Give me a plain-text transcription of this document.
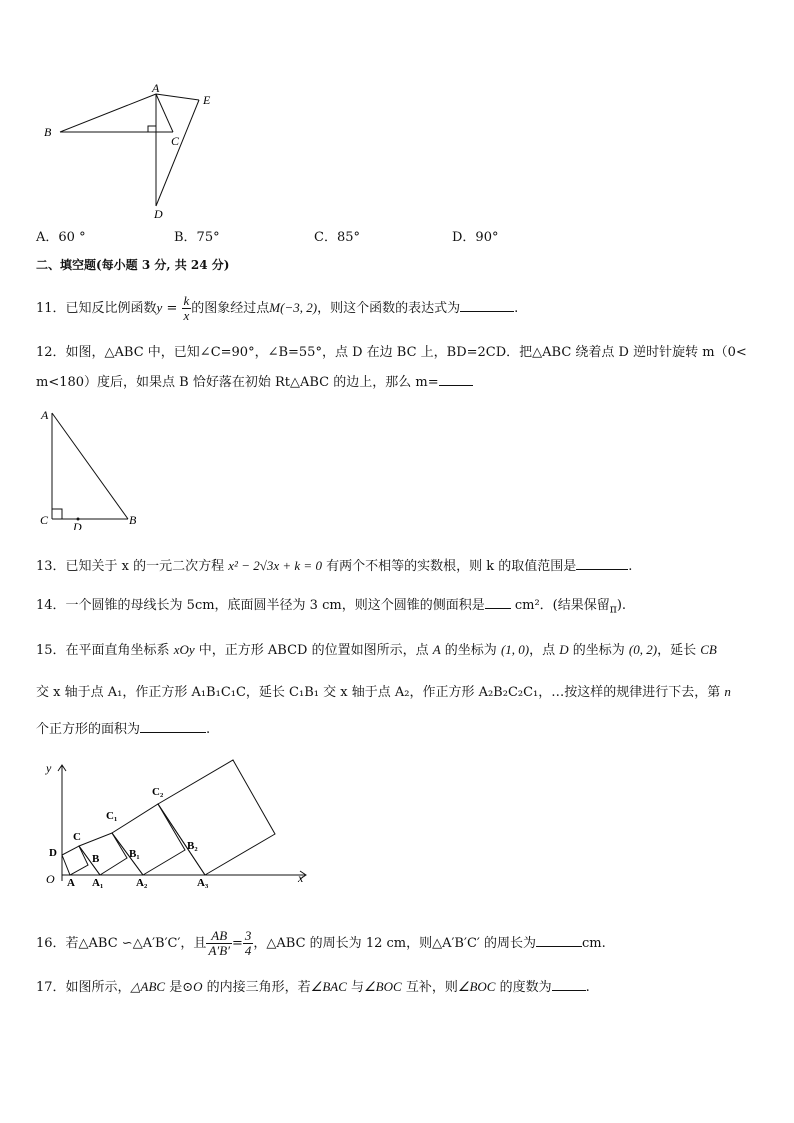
A
B
C
D
E
A．60 °	B．75°	C．85°	D．90°
二、填空题(每小题 3 分, 共 24 分)
11．已知反比例函数$y = \frac{k}{x}$ 的图象经过点M(−3, 2)，则这个函数的表达式为	.
12．如图，△ABC 中，已知∠C=90°，∠B=55°，点 D 在边 BC 上，BD=2CD．把△ABC 绕着点 D 逆时针旋转 m（0<
m<180）度后，如果点 B 恰好落在初始 Rt△ABC 的边上，那么 m=
A
C D	B
13．已知关于 x 的一元二次方程 x² − 2√3x + k = 0 有两个不相等的实数根，则 k 的取值范围是	.
14．一个圆锥的母线长为 5cm，底面圆半径为 3 cm，则这个圆锥的侧面积是 cm²．(结果保留$_\pi$).
15．在平面直角坐标系 xOy 中，正方形 ABCD 的位置如图所示，点 A 的坐标为 (1, 0)，点 D 的坐标为 (0, 2)，延长 CB
交 x 轴于点 A₁，作正方形 A₁B₁C₁C，延长 C₁B₁ 交 x 轴于点 A₂，作正方形 A₂B₂C₂C₁，…按这样的规律进行下去，第 n
个正方形的面积为	.
y
x
O
D
A
B
C
A₁
B₁
C₁
A₂
B₂
C₂
A₃
16．若△ABC ∽△A′B′C′，且 $\frac{AB}{A'B'} = \frac{3}{4}$ ，△ABC 的周长为 12 cm，则△A′B′C′ 的周长为	cm.
17．如图所示，△ABC 是⊙O 的内接三角形，若∠BAC 与∠BOC 互补，则∠BOC 的度数为	.
